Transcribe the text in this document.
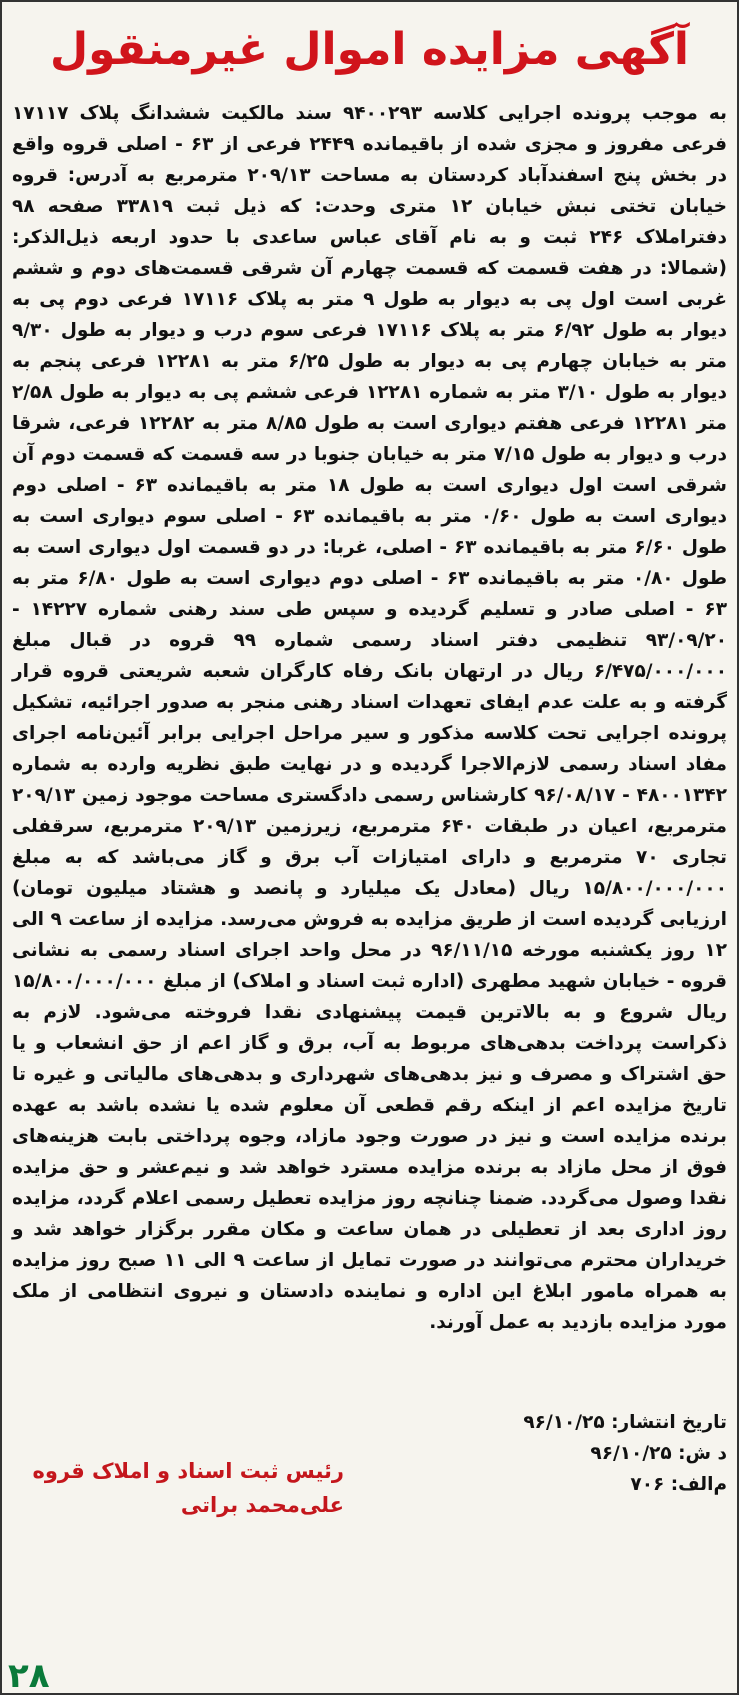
آگهی مزایده اموال غیرمنقول

به موجب پرونده اجرایی کلاسه ۹۴۰۰۲۹۳ سند مالکیت ششدانگ پلاک ۱۷۱۱۷ فرعی مفروز و مجزی شده از باقیمانده ۲۴۴۹ فرعی از ۶۳ - اصلی قروه واقع در بخش پنج اسفندآباد کردستان به مساحت ۲۰۹/۱۳ مترمربع به آدرس: قروه خیابان تختی نبش خیابان ۱۲ متری وحدت: که ذیل ثبت ۳۳۸۱۹ صفحه ۹۸ دفتراملاک ۲۴۶ ثبت و به نام آقای عباس ساعدی با حدود اربعه ذیل‌الذکر: (شمالا: در هفت قسمت که قسمت چهارم آن شرقی قسمت‌های دوم و ششم غربی است اول پی به دیوار به طول ۹ متر به پلاک ۱۷۱۱۶ فرعی دوم پی به دیوار به طول ۶/۹۲ متر به پلاک ۱۷۱۱۶ فرعی سوم درب و دیوار به طول ۹/۳۰ متر به خیابان چهارم پی به دیوار به طول ۶/۲۵ متر به ۱۲۲۸۱ فرعی پنجم به دیوار به طول ۳/۱۰ متر به شماره ۱۲۲۸۱ فرعی ششم پی به دیوار به طول ۲/۵۸ متر ۱۲۲۸۱ فرعی هفتم دیواری است به طول ۸/۸۵ متر به ۱۲۲۸۲ فرعی، شرقا درب و دیوار به طول ۷/۱۵ متر به خیابان جنوبا در سه قسمت که قسمت دوم آن شرقی است اول دیواری است به طول ۱۸ متر به باقیمانده ۶۳ - اصلی دوم دیواری است به طول ۰/۶۰ متر به باقیمانده ۶۳ - اصلی سوم دیواری است به طول ۶/۶۰ متر به باقیمانده ۶۳ - اصلی، غربا: در دو قسمت اول دیواری است به طول ۰/۸۰ متر به باقیمانده ۶۳ - اصلی دوم دیواری است به طول ۶/۸۰ متر به ۶۳ - اصلی صادر و تسلیم گردیده و سپس طی سند رهنی شماره ۱۴۲۲۷ - ۹۳/۰۹/۲۰ تنظیمی دفتر اسناد رسمی شماره ۹۹ قروه در قبال مبلغ ۶/۴۷۵/۰۰۰/۰۰۰ ریال در ارتهان بانک رفاه کارگران شعبه شریعتی قروه قرار گرفته و به علت عدم ایفای تعهدات اسناد رهنی منجر به صدور اجرائیه، تشکیل پرونده اجرایی تحت کلاسه مذکور و سیر مراحل اجرایی برابر آئین‌نامه اجرای مفاد اسناد رسمی لازم‌الاجرا گردیده و در نهایت طبق نظریه وارده به شماره ۴۸۰۰۱۳۴۲ - ۹۶/۰۸/۱۷ کارشناس رسمی دادگستری مساحت موجود زمین ۲۰۹/۱۳ مترمربع، اعیان در طبقات ۶۴۰ مترمربع، زیرزمین ۲۰۹/۱۳ مترمربع، سرقفلی تجاری ۷۰ مترمربع و دارای امتیازات آب برق و گاز می‌باشد که به مبلغ ۱۵/۸۰۰/۰۰۰/۰۰۰ ریال (معادل یک میلیارد و پانصد و هشتاد میلیون تومان) ارزیابی گردیده است از طریق مزایده به فروش می‌رسد. مزایده از ساعت ۹ الی ۱۲ روز یکشنبه مورخه ۹۶/۱۱/۱۵ در محل واحد اجرای اسناد رسمی به نشانی قروه - خیابان شهید مطهری (اداره ثبت اسناد و املاک) از مبلغ ۱۵/۸۰۰/۰۰۰/۰۰۰ ریال شروع و به بالاترین قیمت پیشنهادی نقدا فروخته می‌شود. لازم به ذکراست پرداخت بدهی‌های مربوط به آب، برق و گاز اعم از حق انشعاب و یا حق اشتراک و مصرف و نیز بدهی‌های شهرداری و بدهی‌های مالیاتی و غیره تا تاریخ مزایده اعم از اینکه رقم قطعی آن معلوم شده یا نشده باشد به عهده برنده مزایده است و نیز در صورت وجود مازاد، وجوه پرداختی بابت هزینه‌های فوق از محل مازاد به برنده مزایده مسترد خواهد شد و نیم‌عشر و حق مزایده نقدا وصول می‌گردد. ضمنا چنانچه روز مزایده تعطیل رسمی اعلام گردد، مزایده روز اداری بعد از تعطیلی در همان ساعت و مکان مقرر برگزار خواهد شد و خریداران محترم می‌توانند در صورت تمایل از ساعت ۹ الی ۱۱ صبح روز مزایده به همراه مامور ابلاغ این اداره و نماینده دادستان و نیروی انتظامی از ملک مورد مزایده بازدید به عمل آورند.

تاریخ انتشار: ۹۶/۱۰/۲۵
د ش: ۹۶/۱۰/۲۵
م‌الف: ۷۰۶
رئیس ثبت اسناد و املاک قروه
علی‌محمد براتی
۲۸
